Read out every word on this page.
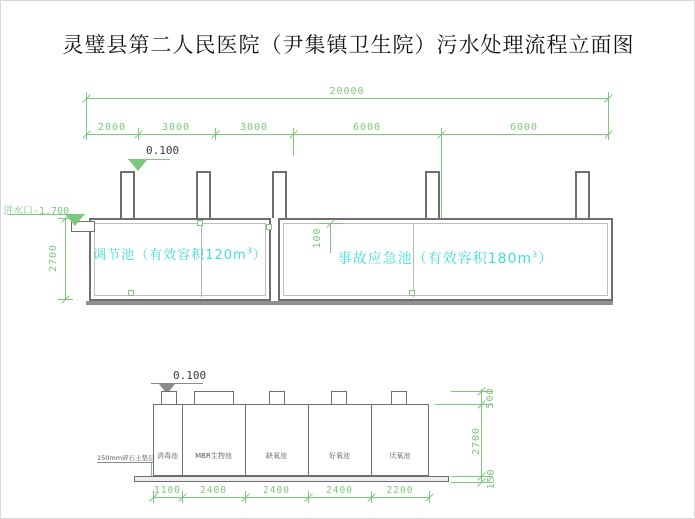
灵璧县第二人民医院（尹集镇卫生院）污水处理流程立面图
20000
2000	3000	3000	6000	6000
0.100
进水口-1.700
2700
100
调节池（有效容积$120m^3$）	事故应急池（有效容积$180m^3$）
0.100
消毒池	MBR生物池	缺氧池	好氧池	厌氧池
150mm碎石土垫层
500
2700
150
1100	2400	2400	2400	2200
